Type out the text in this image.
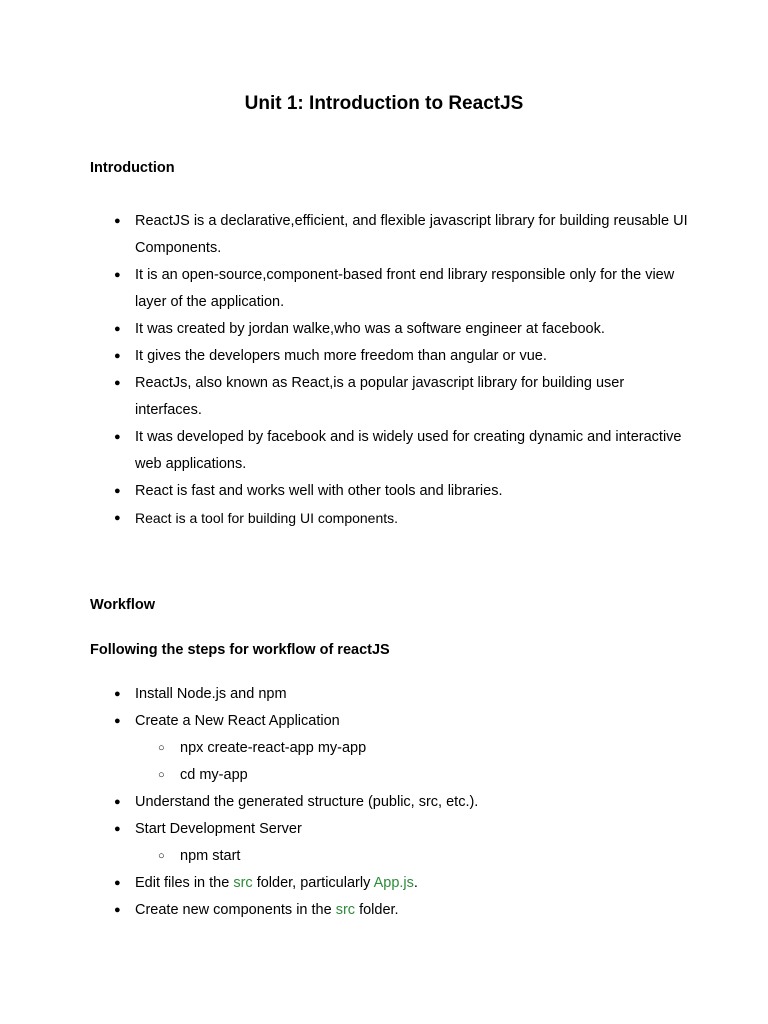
Unit 1: Introduction to ReactJS
Introduction
● ReactJS is a declarative,efficient, and flexible javascript library for building reusable UI Components.
● It is an open-source,component-based front end library responsible only for the view layer of the application.
● It was created by jordan walke,who was a software engineer at facebook.
● It gives the developers much more freedom than angular or vue.
● ReactJs, also known as React,is a popular javascript library for building user interfaces.
● It was developed by facebook and is widely used for creating dynamic and interactive web applications.
● React is fast and works well with other tools and libraries.
● React is a tool for building UI components.
Workflow
Following the steps for workflow of reactJS
● Install Node.js and npm
● Create a New React Application
○ npx create-react-app my-app
○ cd my-app
● Understand the generated structure (public, src, etc.).
● Start Development Server
○ npm start
● Edit files in the src folder, particularly App.js.
● Create new components in the src folder.
